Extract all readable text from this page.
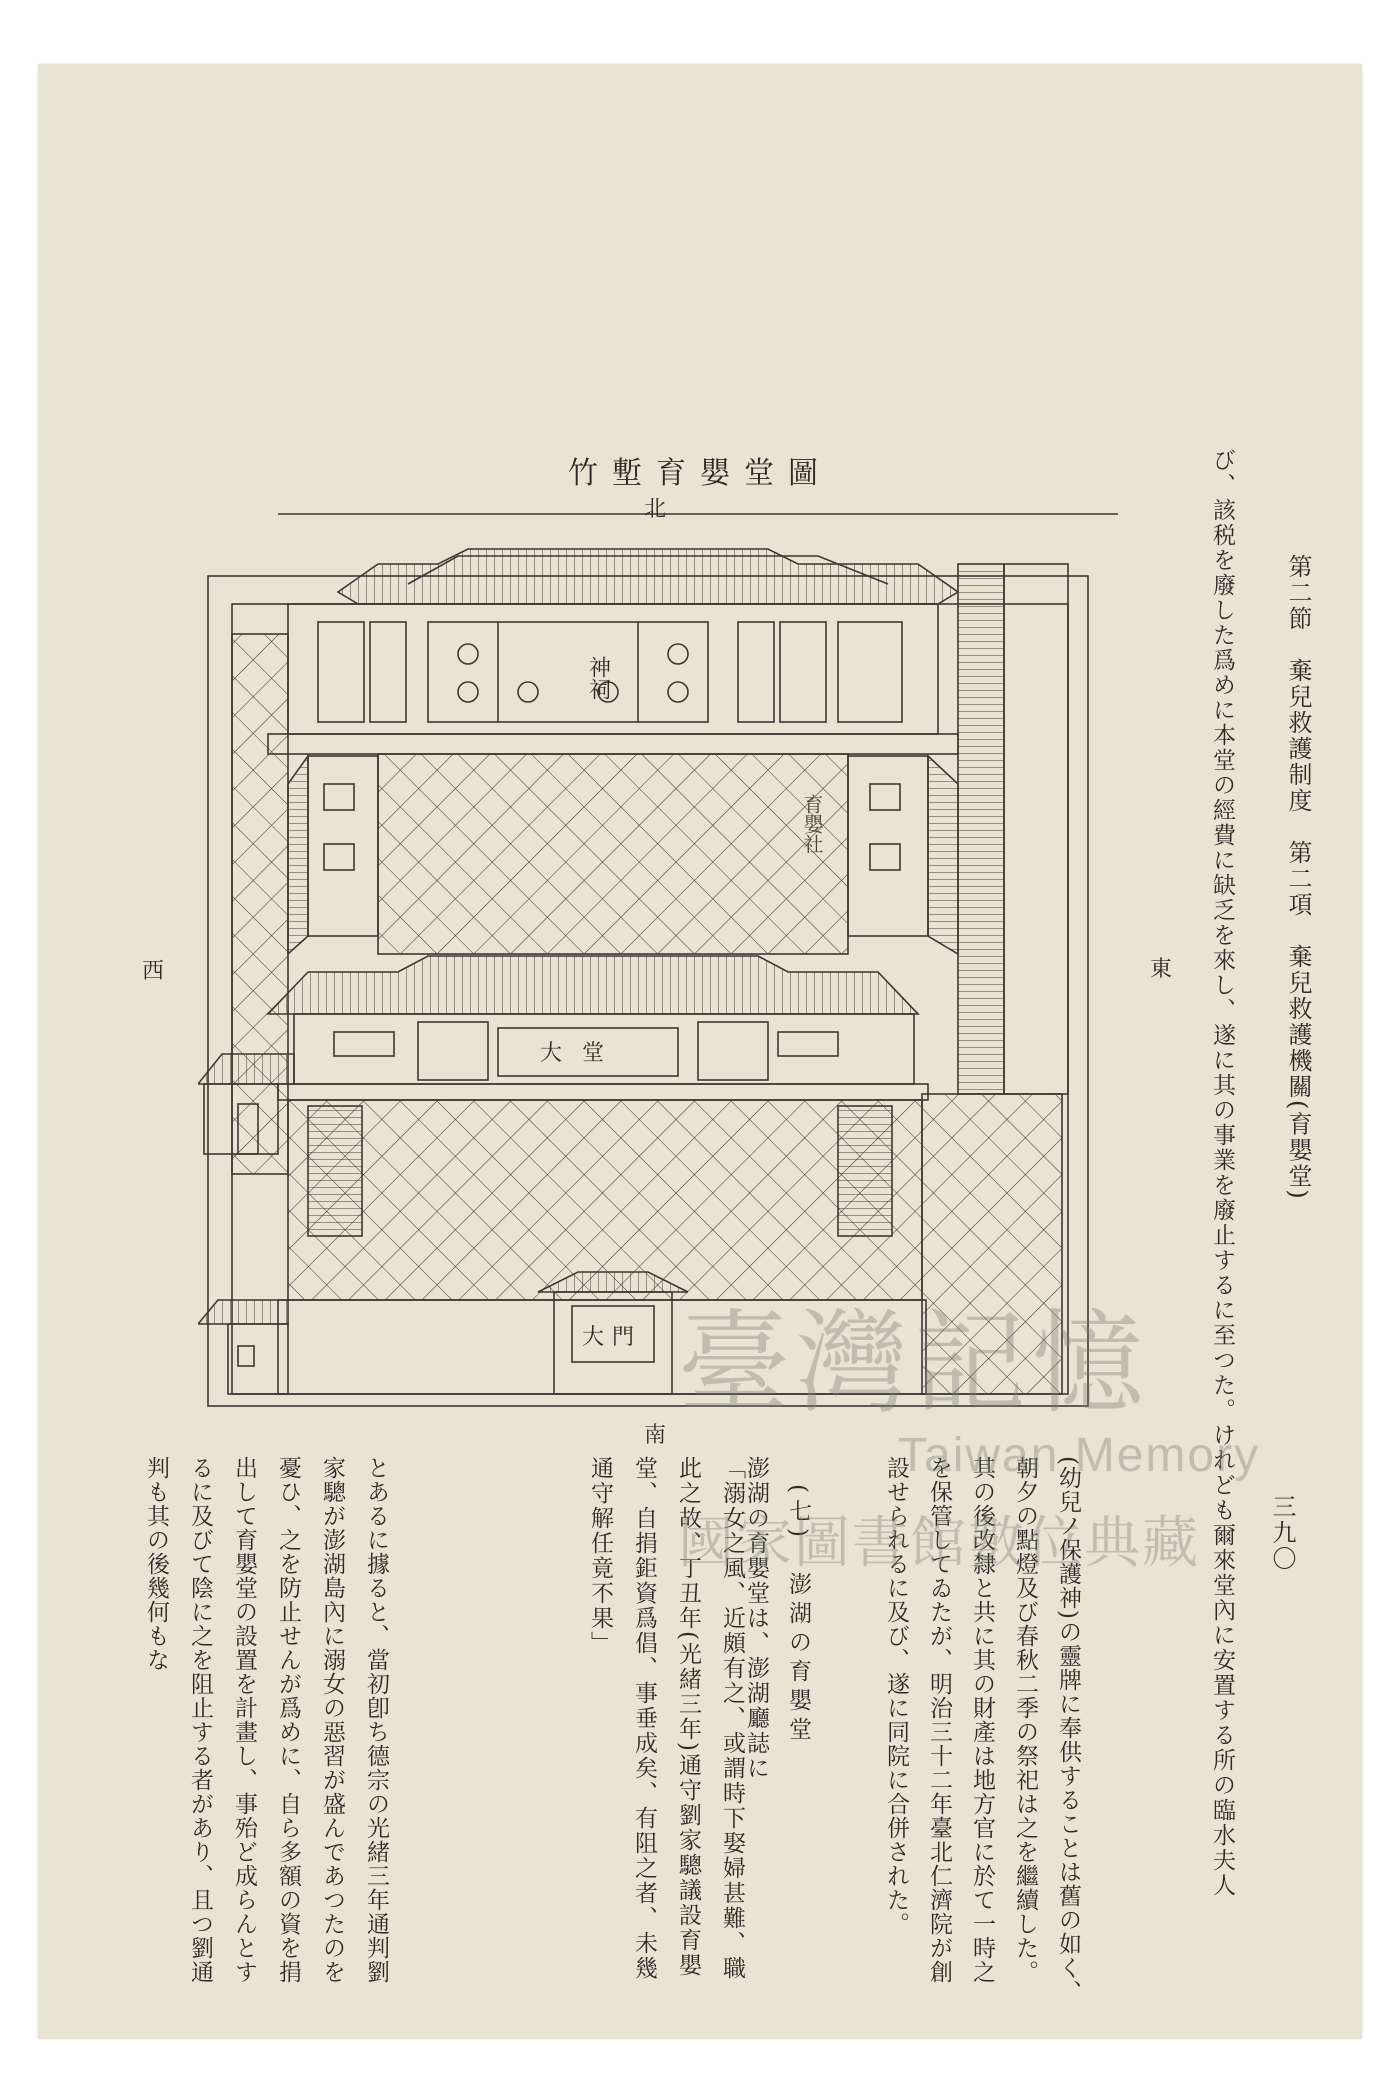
第二節　棄兒救護制度　第二項　棄兒救護機關(育嬰堂)
三九〇
び、該税を廢した爲めに本堂の經費に缺乏を來し、遂に其の事業を廢止するに至つた。けれども爾來堂內に安置する所の臨水夫人
(幼兒ノ保護神)の靈牌に奉供することは舊の如く、朝夕の點燈及び春秋二季の祭祀は之を繼續した。其の後改隸と共に其の財產は地方官に於て一時之を保管してゐたが、明治三十二年臺北仁濟院が創設せられるに及び、遂に同院に合併された。
(七)　澎湖の育嬰堂
澎湖の育嬰堂は、澎湖廳誌に
「溺女之風、近頗有之、或謂時下娶婦甚難、職此之故、丁丑年(光緒三年)通守劉家驄議設育嬰堂、自捐鉅資爲倡、事垂成矣、有阻之者、未幾通守解任竟不果」
とあるに據ると、當初卽ち德宗の光緒三年通判劉家驄が澎湖島內に溺女の惡習が盛んであつたのを憂ひ、之を防止せんが爲めに、自ら多額の資を捐出して育嬰堂の設置を計畫し、事殆ど成らんとするに及びて陰に之を阻止する者があり、且つ劉通判も其の後幾何もな
竹塹育嬰堂圖
北
南
東
西
神祠
大堂
大門
育嬰社
臺灣記憶
Taiwan Memory
國家圖書館數位典藏
